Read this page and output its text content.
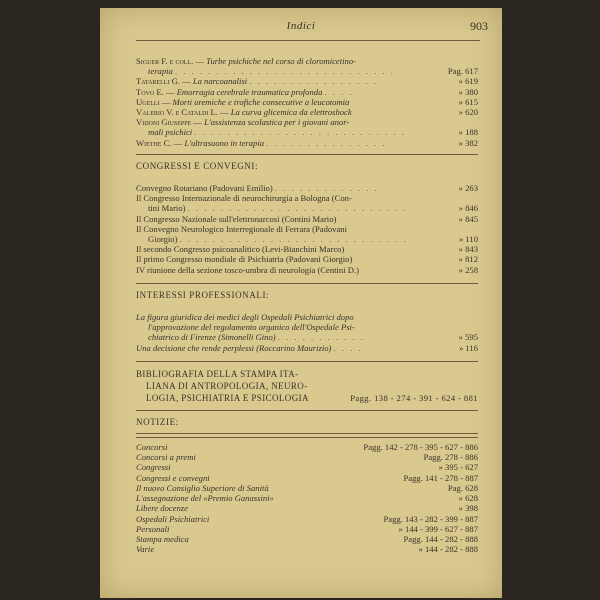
Indici	903
Siguer F. e coll. — Turbe psichiche nel corso di cloromicetino-
terapia . . . . . . . . . . . . . . . . . . . . . . . . . . .	Pag. 617
Tatarelli G. — La narcoanalisi . . . . . . . . . . . . . . . .	» 619
Tovo E. — Emorragia cerebrale traumatica profonda . . . .	» 380
Ugelli — Morti uremiche e trofiche consecutive a leucotomia	» 615
Valerio V. e Cataldi L. — La curva glicemica da elettroshock	» 620
Vidoni Giuseppe — L'assistenza scolastica per i giovani anor-
mali psichici . . . . . . . . . . . . . . . . . . . . . . . . . .	» 188
Wiethe C. — L'ultrasuono in terapia . . . . . . . . . . . . . . .	» 382
CONGRESSI E CONVEGNI:
Convegno Rotariano (Padovani Emilio) . . . . . . . . . . . . .	» 263
Il Congresso Internazionale di neurochirurgia a Bologna (Con-
tini Mario) . . . . . . . . . . . . . . . . . . . . . . . . . . .	» 846
Il Congresso Nazionale sull'elettronarcosi (Contini Mario)	» 845
Il Convegno Neurologico Interregionale di Ferrara (Padovani
Giorgio) . . . . . . . . . . . . . . . . . . . . . . . . . . . .	» 110
Il secondo Congresso psicoanalitico (Levi-Bianchini Marco)	» 843
Il primo Congresso mondiale di Psichiatria (Padovani Giorgio)	» 812
IV riunione della sezione tosco-umbra di neurologia (Centini D.)	» 258
INTERESSI PROFESSIONALI:
La figura giuridica dei medici degli Ospedali Psichiatrici dopo
l'approvazione del regolamento organico dell'Ospedale Psi-
chiatrico di Firenze (Simonelli Gino) . . . . . . . . . . .	» 595
Una decisione che rende perplessi (Roccarino Maurizio) . . . .	» 116
BIBLIOGRAFIA DELLA STAMPA ITA-
LIANA DI ANTROPOLOGIA, NEURO-
LOGIA, PSICHIATRIA E PSICOLOGIA	Pagg. 138 - 274 - 391 - 624 - 881
NOTIZIE:
Concorsi	Pagg. 142 - 278 - 395 - 627 - 886
Concorsi a premi	Pagg. 278 - 886
Congressi	» 395 - 627
Congressi e convegni	Pagg. 141 - 278 - 887
Il nuovo Consiglio Superiore di Sanità	Pag. 628
L'assegnazione del «Premio Ganassini»	» 628
Libere docenze	» 398
Ospedali Psichiatrici	Pagg. 143 - 282 - 399 - 887
Personali	» 144 - 399 - 627 - 887
Stampa medica	Pagg. 144 - 282 - 888
Varie	» 144 - 282 - 888
